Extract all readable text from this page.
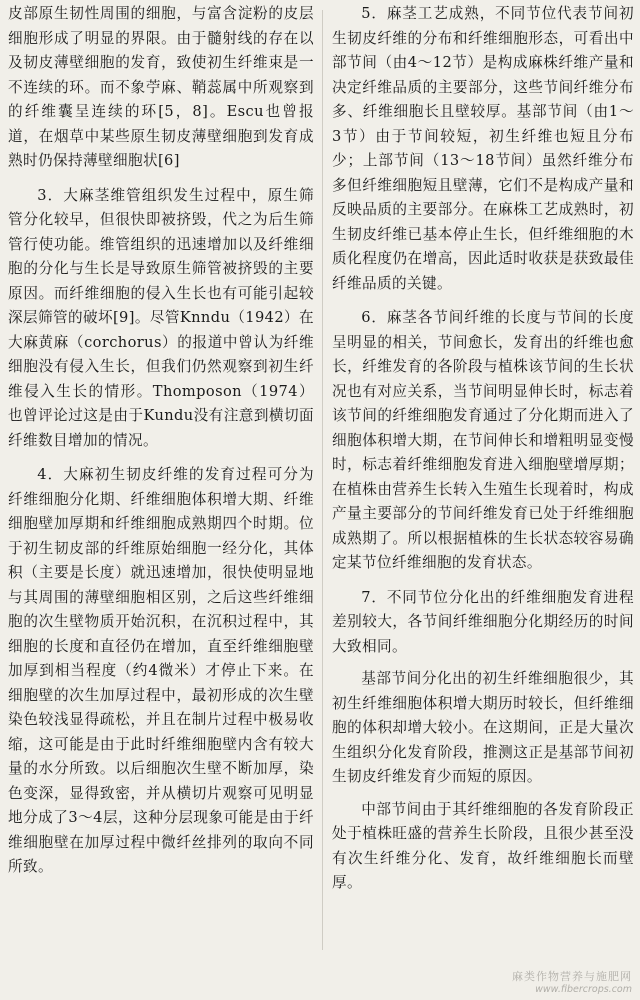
皮部原生韧性周围的细胞，与富含淀粉的皮层细胞形成了明显的界限。由于髓射线的存在以及韧皮薄壁细胞的发育，致使初生纤维束是一不连续的环。而不象苧麻、鞘蕊属中所观察到的纤维囊呈连续的环[5，8]。Escu也曾报道，在烟草中某些原生韧皮薄壁细胞到发育成熟时仍保持薄壁细胞状[6]

3．大麻茎维管组织发生过程中，原生筛管分化较早，但很快即被挤毁，代之为后生筛管行使功能。维管组织的迅速增加以及纤维细胞的分化与生长是导致原生筛管被挤毁的主要原因。而纤维细胞的侵入生长也有可能引起较深层筛管的破坏[9]。尽管Knndu（1942）在大麻黄麻（corchorus）的报道中曾认为纤维细胞没有侵入生长，但我们仍然观察到初生纤维侵入生长的情形。Thomposon（1974）也曾评论过这是由于Kundu没有注意到横切面纤维数目增加的情况。

4．大麻初生韧皮纤维的发育过程可分为纤维细胞分化期、纤维细胞体积增大期、纤维细胞壁加厚期和纤维细胞成熟期四个时期。位于初生韧皮部的纤维原始细胞一经分化，其体积（主要是长度）就迅速增加，很快使明显地与其周围的薄壁细胞相区别，之后这些纤维细胞的次生壁物质开始沉积，在沉积过程中，其细胞的长度和直径仍在增加，直至纤维细胞壁加厚到相当程度（约4微米）才停止下来。在细胞壁的次生加厚过程中，最初形成的次生壁染色较浅显得疏松，并且在制片过程中极易收缩，这可能是由于此时纤维细胞壁内含有较大量的水分所致。以后细胞次生壁不断加厚，染色变深，显得致密，并从横切片观察可见明显地分成了3～4层，这种分层现象可能是由于纤维细胞壁在加厚过程中微纤丝排列的取向不同所致。

5．麻茎工艺成熟，不同节位代表节间初生韧皮纤维的分布和纤维细胞形态，可看出中部节间（由4～12节）是构成麻株纤维产量和决定纤维品质的主要部分，这些节间纤维分布多、纤维细胞长且壁较厚。基部节间（由1～3节）由于节间较短，初生纤维也短且分布少；上部节间（13～18节间）虽然纤维分布多但纤维细胞短且壁薄，它们不是构成产量和反映品质的主要部分。在麻株工艺成熟时，初生韧皮纤维已基本停止生长，但纤维细胞的木质化程度仍在增高，因此适时收获是获致最佳纤维品质的关键。

6．麻茎各节间纤维的长度与节间的长度呈明显的相关，节间愈长，发育出的纤维也愈长，纤维发育的各阶段与植株该节间的生长状况也有对应关系，当节间明显伸长时，标志着该节间的纤维细胞发育通过了分化期而进入了细胞体积增大期，在节间伸长和增粗明显变慢时，标志着纤维细胞发育进入细胞壁增厚期；在植株由营养生长转入生殖生长现着时，构成产量主要部分的节间纤维发育已处于纤维细胞成熟期了。所以根据植株的生长状态较容易确定某节位纤维细胞的发育状态。

7．不同节位分化出的纤维细胞发育进程差别较大，各节间纤维细胞分化期经历的时间大致相同。

基部节间分化出的初生纤维细胞很少，其初生纤维细胞体积增大期历时较长，但纤维细胞的体积却增大较小。在这期间，正是大量次生组织分化发育阶段，推测这正是基部节间初生韧皮纤维发育少而短的原因。

中部节间由于其纤维细胞的各发育阶段正处于植株旺盛的营养生长阶段，且很少甚至没有次生纤维分化、发育，故纤维细胞长而壁厚。

麻类作物营养与施肥网
www.fibercrops.com
